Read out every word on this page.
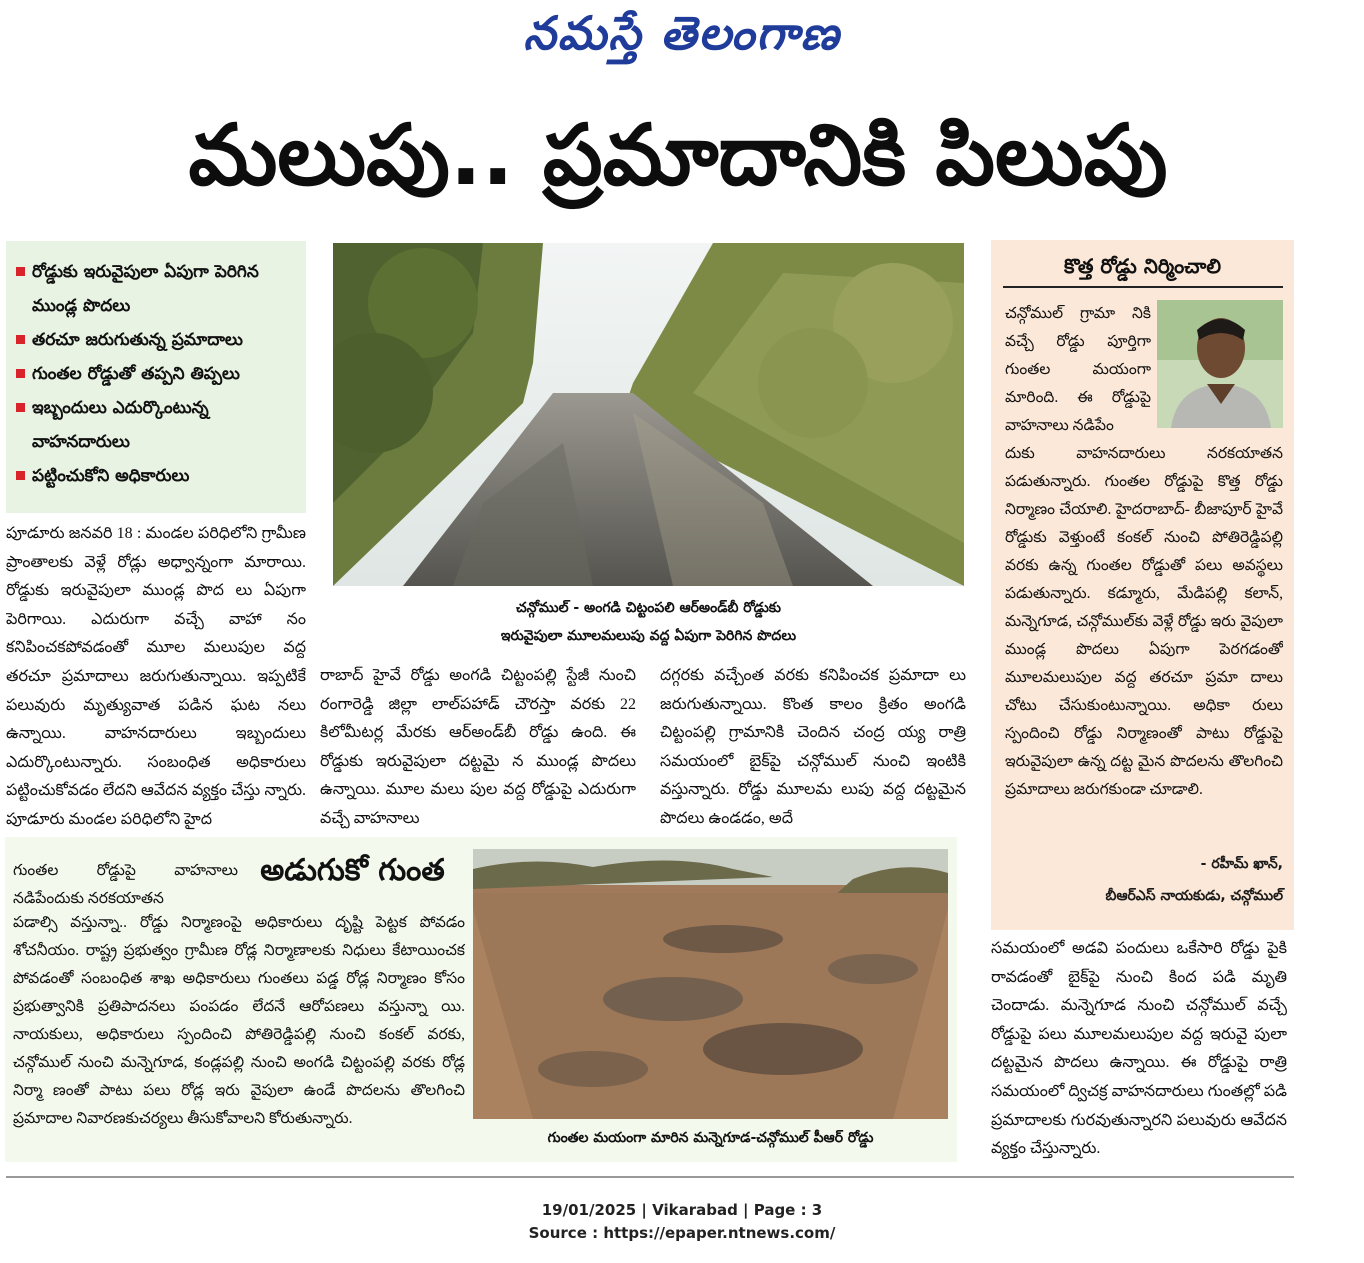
నమస్తే తెలంగాణ
మలుపు.. ప్రమాదానికి పిలుపు
రోడ్డుకు ఇరువైపులా ఏపుగా పెరిగిన ముండ్ల పొదలు
తరచూ జరుగుతున్న ప్రమాదాలు
గుంతల రోడ్డుతో తప్పని తిప్పలు
ఇబ్బందులు ఎదుర్కొంటున్న వాహనదారులు
పట్టించుకోని అధికారులు
చన్గోముల్ - అంగడి చిట్టంపలి ఆర్‌అండ్‌బీ రోడ్డుకు
ఇరువైపులా మూలమలుపు వద్ద ఏపుగా పెరిగిన పొదలు
పూడూరు జనవరి 18 : మండల పరిధిలోని గ్రామీణ ప్రాంతాలకు వెళ్లే రోడ్లు అధ్వాన్నంగా మారాయి. రోడ్డుకు ఇరువైపులా ముండ్ల పొద లు ఏపుగా పెరిగాయి. ఎదురుగా వచ్చే వాహా నం కనిపించకపోవడంతో మూల మలుపుల వద్ద తరచూ ప్రమాదాలు జరుగుతున్నాయి. ఇప్పటికే పలువురు మృత్యువాత పడిన ఘట నలు ఉన్నాయి. వాహనదారులు ఇబ్బందులు ఎదుర్కొంటున్నారు. సంబంధిత అధికారులు పట్టించుకోవడం లేదని ఆవేదన వ్యక్తం చేస్తు న్నారు. పూడూరు మండల పరిధిలోని హైద
రాబాద్ హైవే రోడ్డు అంగడి చిట్టంపల్లి స్టేజీ నుంచి రంగారెడ్డి జిల్లా లాల్‌పహాడ్ చౌరస్తా వరకు 22 కిలోమీటర్ల మేరకు ఆర్‌అండ్‌బీ రోడ్డు ఉంది. ఈ రోడ్డుకు ఇరువైపులా దట్టమై న ముండ్ల పొదలు ఉన్నాయి. మూల మలు పుల వద్ద రోడ్డుపై ఎదురుగా వచ్చే వాహనాలు
దగ్గరకు వచ్చేంత వరకు కనిపించక ప్రమాదా లు జరుగుతున్నాయి. కొంత కాలం క్రితం అంగడి చిట్టంపల్లి గ్రామానికి చెందిన చంద్ర య్య రాత్రి సమయంలో బైక్‌పై చన్గోముల్ నుంచి ఇంటికి వస్తున్నారు. రోడ్డు మూలమ లుపు వద్ద దట్టమైన పొదలు ఉండడం, అదే
సమయంలో అడవి పందులు ఒకేసారి రోడ్డు పైకి రావడంతో బైక్‌పై నుంచి కింద పడి మృతి చెందాడు. మన్నెగూడ నుంచి చన్గోముల్ వచ్చే రోడ్డుపై పలు మూలమలుపుల వద్ద ఇరువై పులా దట్టమైన పొదలు ఉన్నాయి. ఈ రోడ్డుపై రాత్రి సమయంలో ద్విచక్ర వాహనదారులు గుంతల్లో పడి ప్రమాదాలకు గురవుతున్నారని పలువురు ఆవేదన వ్యక్తం చేస్తున్నారు.
కొత్త రోడ్డు నిర్మించాలి
చన్గోముల్ గ్రామా నికి వచ్చే రోడ్డు పూర్తిగా గుంతల మయంగా మారింది. ఈ రోడ్డుపై వాహనాలు నడిపేం
దుకు వాహనదారులు నరకయాతన పడుతున్నారు. గుంతల రోడ్డుపై కొత్త రోడ్డు నిర్మాణం చేయాలి. హైదరాబాద్- బీజాపూర్ హైవే రోడ్డుకు వెళ్తుంటే కంకల్ నుంచి పోతిరెడ్డిపల్లి వరకు ఉన్న గుంతల రోడ్డుతో పలు అవస్థలు పడుతున్నారు. కడ్మూరు, మేడిపల్లి కలాన్, మన్నెగూడ, చన్గోముల్‌కు వెళ్లే రోడ్డు ఇరు వైపులా ముండ్ల పొదలు ఏపుగా పెరగడంతో మూలమలుపుల వద్ద తరచూ ప్రమా దాలు చోటు చేసుకుంటున్నాయి. అధికా రులు స్పందించి రోడ్డు నిర్మాణంతో పాటు రోడ్డుపై ఇరువైపులా ఉన్న దట్ట మైన పొదలను తొలగించి ప్రమాదాలు జరుగకుండా చూడాలి.
- రహీమ్ ఖాన్,
బీఆర్‌ఎస్ నాయకుడు, చన్గోముల్
గుంతల రోడ్డుపై వాహనాలు నడిపేందుకు నరకయాతన
అడుగుకో గుంత
పడాల్సి వస్తున్నా.. రోడ్డు నిర్మాణంపై అధికారులు దృష్టి పెట్టక పోవడం శోచనీయం. రాష్ట్ర ప్రభుత్వం గ్రామీణ రోడ్ల నిర్మాణాలకు నిధులు కేటాయించక పోవడంతో సంబంధిత శాఖ అధికారులు గుంతలు పడ్డ రోడ్ల నిర్మాణం కోసం ప్రభుత్వానికి ప్రతిపాదనలు పంపడం లేదనే ఆరోపణలు వస్తున్నా యి. నాయకులు, అధికారులు స్పందించి పోతిరెడ్డిపల్లి నుంచి కంకల్ వరకు, చన్గోముల్ నుంచి మన్నెగూడ, కండ్లపల్లి నుంచి అంగడి చిట్టంపల్లి వరకు రోడ్ల నిర్మా ణంతో పాటు పలు రోడ్ల ఇరు వైపులా ఉండే పొదలను తొలగించి ప్రమాదాల నివారణకుచర్యలు తీసుకోవాలని కోరుతున్నారు.
గుంతల మయంగా మారిన మన్నెగూడ-చన్గోముల్ పీఆర్ రోడ్డు
19/01/2025 | Vikarabad | Page : 3
Source : https://epaper.ntnews.com/
